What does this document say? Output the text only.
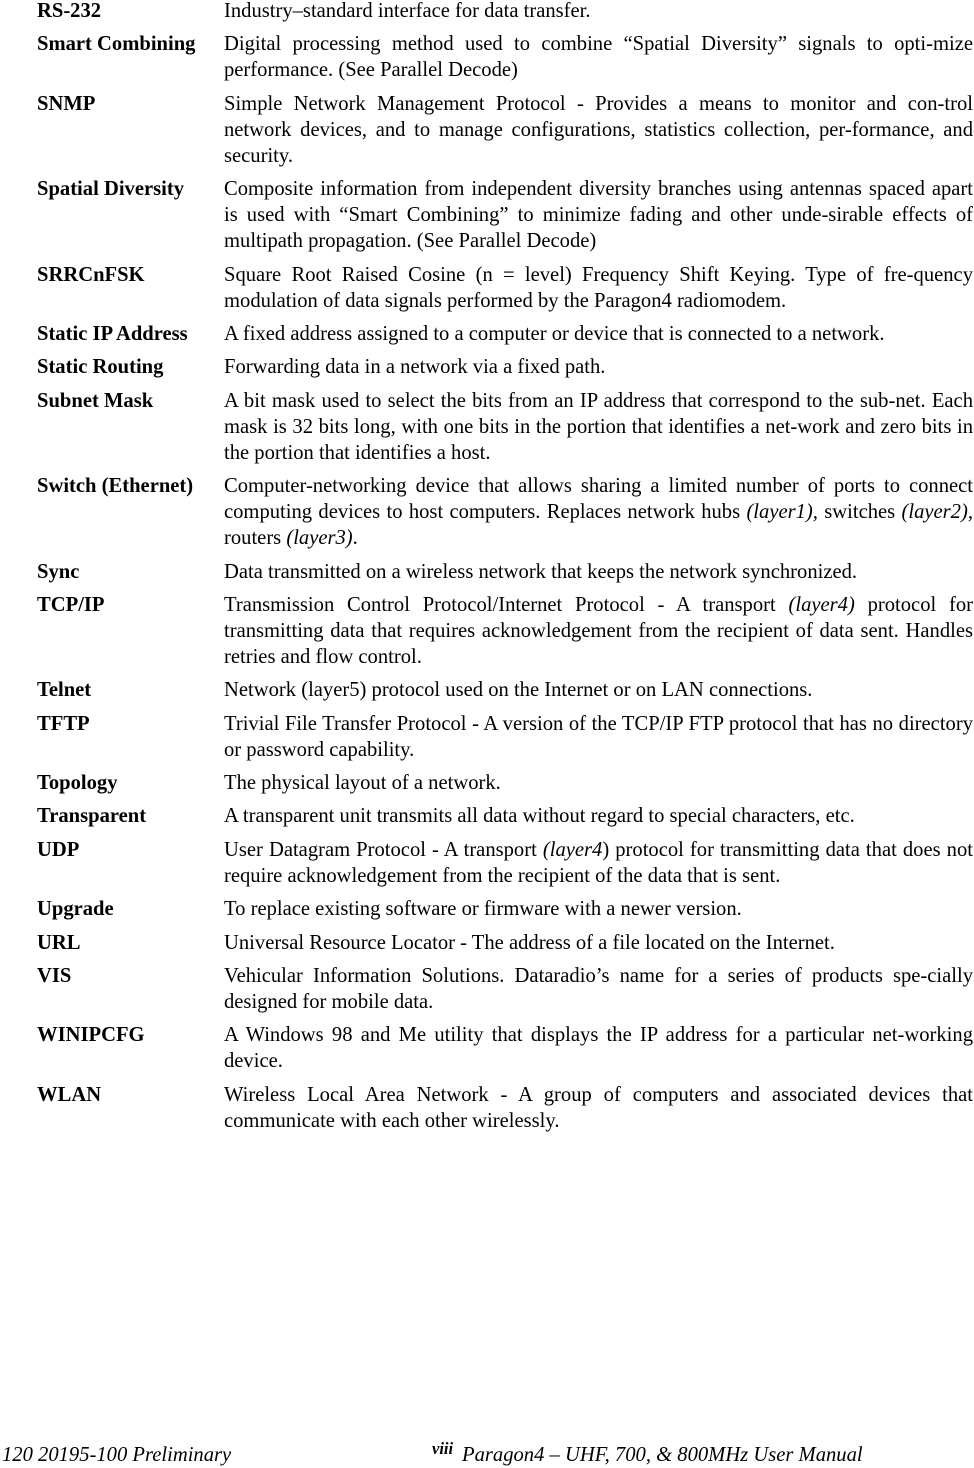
RS-232	Industry–standard interface for data transfer.
Smart Combining	Digital processing method used to combine “Spatial Diversity” signals to opti-mize performance. (See Parallel Decode)
SNMP	Simple Network Management Protocol - Provides a means to monitor and con-trol network devices, and to manage configurations, statistics collection, per-formance, and security.
Spatial Diversity	Composite information from independent diversity branches using antennas spaced apart is used with “Smart Combining” to minimize fading and other unde-sirable effects of multipath propagation. (See Parallel Decode)
SRRCnFSK	Square Root Raised Cosine (n = level) Frequency Shift Keying. Type of fre-quency modulation of data signals performed by the Paragon4 radiomodem.
Static IP Address	A fixed address assigned to a computer or device that is connected to a network.
Static Routing	Forwarding data in a network via a fixed path.
Subnet Mask	A bit mask used to select the bits from an IP address that correspond to the sub-net. Each mask is 32 bits long, with one bits in the portion that identifies a net-work and zero bits in the portion that identifies a host.
Switch (Ethernet)	Computer-networking device that allows sharing a limited number of ports to connect computing devices to host computers. Replaces network hubs (layer1), switches (layer2), routers (layer3).
Sync	Data transmitted on a wireless network that keeps the network synchronized.
TCP/IP	Transmission Control Protocol/Internet Protocol - A transport (layer4) protocol for transmitting data that requires acknowledgement from the recipient of data sent. Handles retries and flow control.
Telnet	Network (layer5) protocol used on the Internet or on LAN connections.
TFTP	Trivial File Transfer Protocol - A version of the TCP/IP FTP protocol that has no directory or password capability.
Topology	The physical layout of a network.
Transparent	A transparent unit transmits all data without regard to special characters, etc.
UDP	User Datagram Protocol - A transport (layer4) protocol for transmitting data that does not require acknowledgement from the recipient of the data that is sent.
Upgrade	To replace existing software or firmware with a newer version.
URL	Universal Resource Locator - The address of a file located on the Internet.
VIS	Vehicular Information Solutions. Dataradio’s name for a series of products spe-cially designed for mobile data.
WINIPCFG	A Windows 98 and Me utility that displays the IP address for a particular net-working device.
WLAN	Wireless Local Area Network - A group of computers and associated devices that communicate with each other wirelessly.
120 20195-100 Preliminary	viii Paragon4 – UHF, 700, & 800MHz User Manual
